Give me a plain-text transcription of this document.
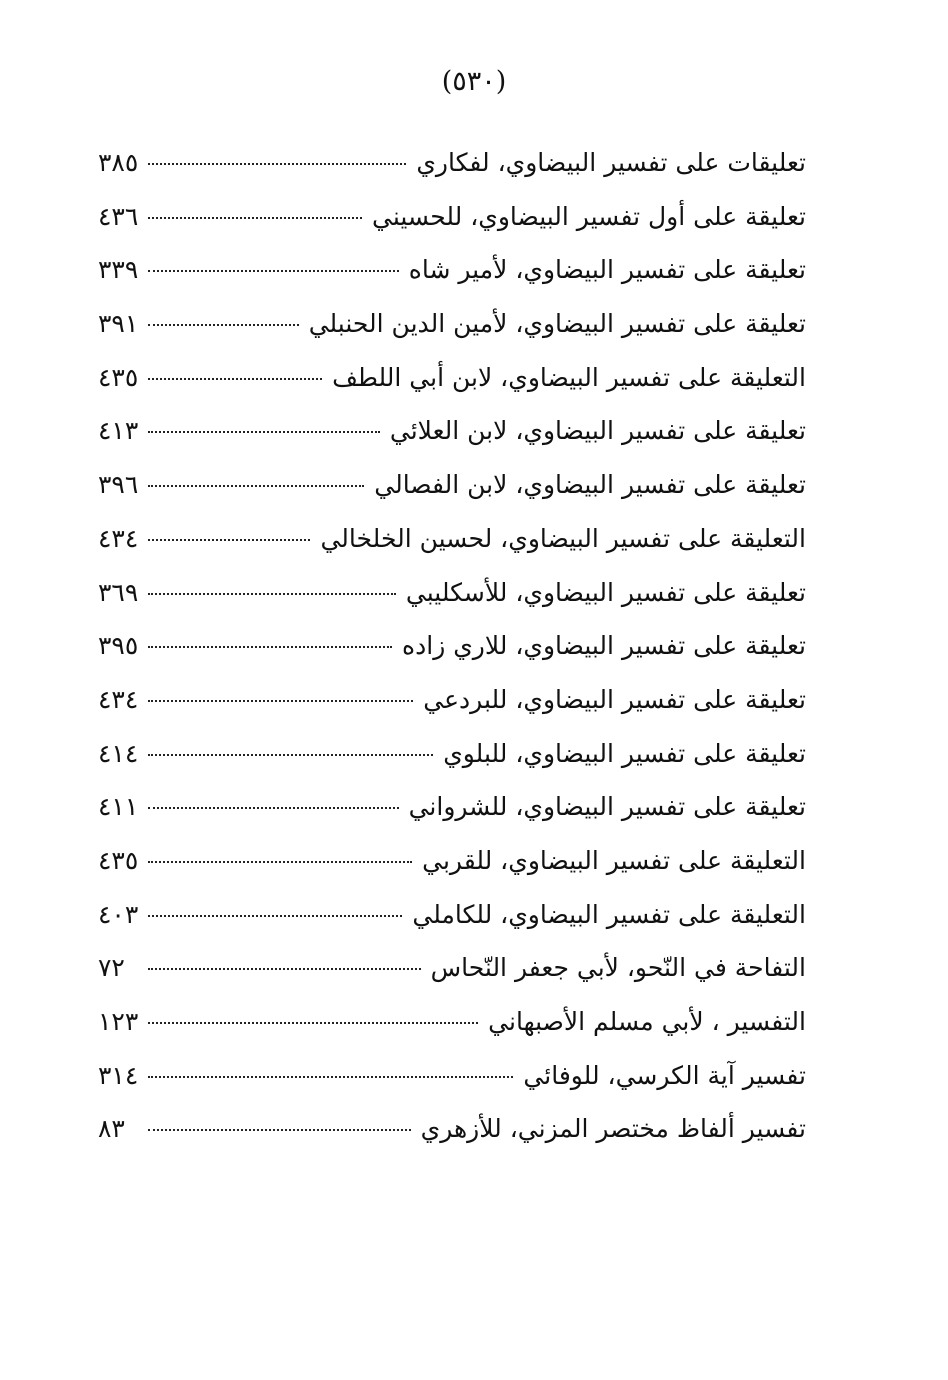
(٥٣٠)
تعليقات على تفسير البيضاوي، لفكاري
٣٨٥
تعليقة على أول تفسير البيضاوي، للحسيني
٤٣٦
تعليقة على تفسير البيضاوي، لأمير شاه
٣٣٩
تعليقة على تفسير البيضاوي، لأمين الدين الحنبلي
٣٩١
التعليقة على تفسير البيضاوي، لابن أبي اللطف
٤٣٥
تعليقة على تفسير البيضاوي، لابن العلائي
٤١٣
تعليقة على تفسير البيضاوي، لابن الفصالي
٣٩٦
التعليقة على تفسير البيضاوي، لحسين الخلخالي
٤٣٤
تعليقة على تفسير البيضاوي، للأسكليبي
٣٦٩
تعليقة على تفسير البيضاوي، للاري زاده
٣٩٥
تعليقة على تفسير البيضاوي، للبردعي
٤٣٤
تعليقة على تفسير البيضاوي، للبلوي
٤١٤
تعليقة على تفسير البيضاوي، للشرواني
٤١١
التعليقة على تفسير البيضاوي، للقربي
٤٣٥
التعليقة على تفسير البيضاوي، للكاملي
٤٠٣
التفاحة في النّحو، لأبي جعفر النّحاس
٧٢
التفسير ، لأبي مسلم الأصبهاني
١٢٣
تفسير آية الكرسي، للوفائي
٣١٤
تفسير ألفاظ مختصر المزني، للأزهري
٨٣
